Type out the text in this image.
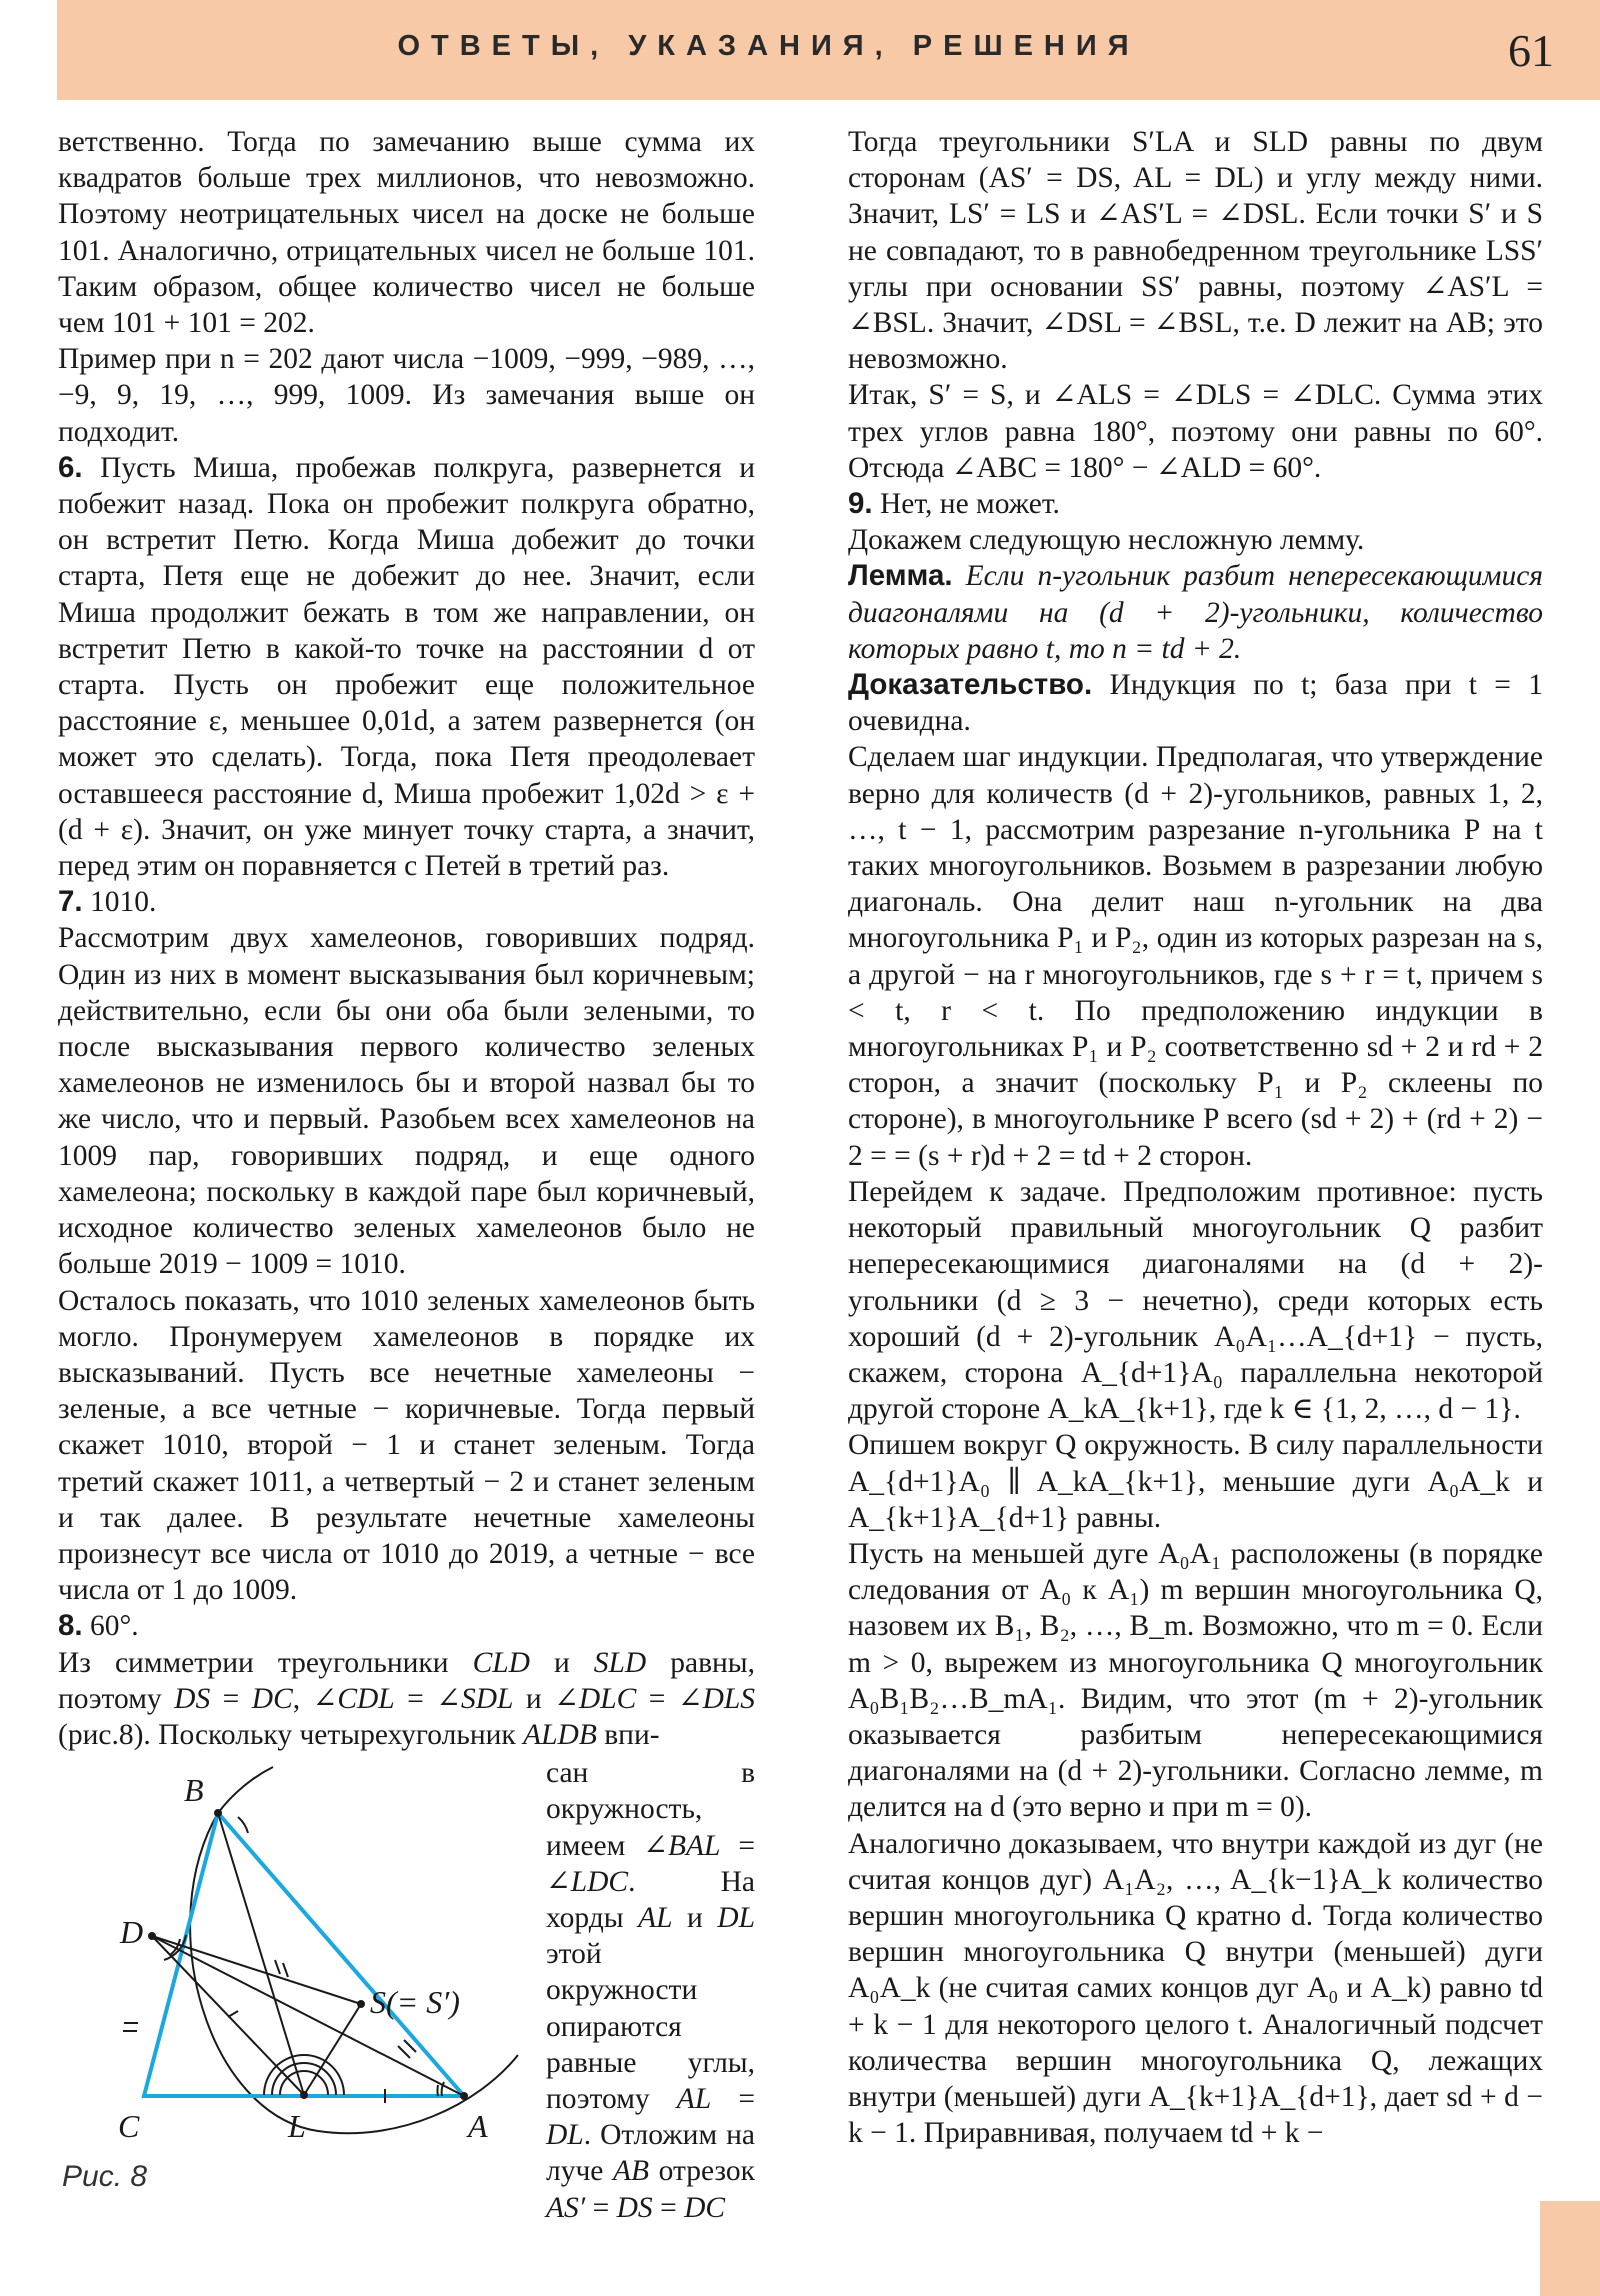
ОТВЕТЫ, УКАЗАНИЯ, РЕШЕНИЯ	61

ветственно. Тогда по замечанию выше сумма их квадратов больше трех миллионов, что невозможно. Поэтому неотрицательных чисел на доске не больше 101. Аналогично, отрицательных чисел не больше 101. Таким образом, общее количество чисел не больше чем 101 + 101 = 202.

Пример при n = 202 дают числа −1009, −999, −989, …, −9, 9, 19, …, 999, 1009. Из замечания выше он подходит.

6. Пусть Миша, пробежав полкруга, развернется и побежит назад. Пока он пробежит полкруга обратно, он встретит Петю. Когда Миша добежит до точки старта, Петя еще не добежит до нее. Значит, если Миша продолжит бежать в том же направлении, он встретит Петю в какой-то точке на расстоянии d от старта. Пусть он пробежит еще положительное расстояние ε, меньшее 0,01d, а затем развернется (он может это сделать). Тогда, пока Петя преодолевает оставшееся расстояние d, Миша пробежит 1,02d > ε + (d + ε). Значит, он уже минует точку старта, а значит, перед этим он поравняется с Петей в третий раз.

7. 1010.

Рассмотрим двух хамелеонов, говоривших подряд. Один из них в момент высказывания был коричневым; действительно, если бы они оба были зелеными, то после высказывания первого количество зеленых хамелеонов не изменилось бы и второй назвал бы то же число, что и первый. Разобьем всех хамелеонов на 1009 пар, говоривших подряд, и еще одного хамелеона; поскольку в каждой паре был коричневый, исходное количество зеленых хамелеонов было не больше 2019 − 1009 = 1010.

Осталось показать, что 1010 зеленых хамелеонов быть могло. Пронумеруем хамелеонов в порядке их высказываний. Пусть все нечетные хамелеоны − зеленые, а все четные − коричневые. Тогда первый скажет 1010, второй − 1 и станет зеленым. Тогда третий скажет 1011, а четвертый − 2 и станет зеленым и так далее. В результате нечетные хамелеоны произнесут все числа от 1010 до 2019, а четные − все числа от 1 до 1009.

8. 60°.

Из симметрии треугольники CLD и SLD равны, поэтому DS = DC, ∠CDL = ∠SDL и ∠DLC = ∠DLS (рис.8). Поскольку четырехугольник ALDB впи-

B
D
S(= S′)
C	L	A
сан в окружность, имеем ∠BAL = ∠LDC. На хорды AL и DL этой окружности опираются равные углы, поэтому AL = DL. Отложим на луче AB отрезок AS′ = DS = DC
Рис. 8

Тогда треугольники S′LA и SLD равны по двум сторонам (AS′ = DS, AL = DL) и углу между ними. Значит, LS′ = LS и ∠AS′L = ∠DSL. Если точки S′ и S не совпадают, то в равнобедренном треугольнике LSS′ углы при основании SS′ равны, поэтому ∠AS′L = ∠BSL. Значит, ∠DSL = ∠BSL, т.е. D лежит на AB; это невозможно.

Итак, S′ = S, и ∠ALS = ∠DLS = ∠DLC. Сумма этих трех углов равна 180°, поэтому они равны по 60°. Отсюда ∠ABC = 180° − ∠ALD = 60°.

9. Нет, не может.

Докажем следующую несложную лемму.

Лемма. Если n-угольник разбит непересекающимися диагоналями на (d + 2)-угольники, количество которых равно t, то n = td + 2.

Доказательство. Индукция по t; база при t = 1 очевидна.

Сделаем шаг индукции. Предполагая, что утверждение верно для количеств (d + 2)-угольников, равных 1, 2, …, t − 1, рассмотрим разрезание n-угольника P на t таких многоугольников. Возьмем в разрезании любую диагональ. Она делит наш n-угольник на два многоугольника P₁ и P₂, один из которых разрезан на s, а другой − на r многоугольников, где s + r = t, причем s < t, r < t. По предположению индукции в многоугольниках P₁ и P₂ соответственно sd + 2 и rd + 2 сторон, а значит (поскольку P₁ и P₂ склеены по стороне), в многоугольнике P всего (sd + 2) + (rd + 2) − 2 = = (s + r)d + 2 = td + 2 сторон.

Перейдем к задаче. Предположим противное: пусть некоторый правильный многоугольник Q разбит непересекающимися диагоналями на (d + 2)-угольники (d ≥ 3 − нечетно), среди которых есть хороший (d + 2)-угольник A₀A₁…A_{d+1} − пусть, скажем, сторона A_{d+1}A₀ параллельна некоторой другой стороне A_kA_{k+1}, где k ∈ {1, 2, …, d − 1}.

Опишем вокруг Q окружность. В силу параллельности A_{d+1}A₀ ∥ A_kA_{k+1}, меньшие дуги A₀A_k и A_{k+1}A_{d+1} равны.

Пусть на меньшей дуге A₀A₁ расположены (в порядке следования от A₀ к A₁) m вершин многоугольника Q, назовем их B₁, B₂, …, B_m. Возможно, что m = 0. Если m > 0, вырежем из многоугольника Q многоугольник A₀B₁B₂…B_mA₁. Видим, что этот (m + 2)-угольник оказывается разбитым непересекающимися диагоналями на (d + 2)-угольники. Согласно лемме, m делится на d (это верно и при m = 0).

Аналогично доказываем, что внутри каждой из дуг (не считая концов дуг) A₁A₂, …, A_{k−1}A_k количество вершин многоугольника Q кратно d. Тогда количество вершин многоугольника Q внутри (меньшей) дуги A₀A_k (не считая самих концов дуг A₀ и A_k) равно td + k − 1 для некоторого целого t. Аналогичный подсчет количества вершин многоугольника Q, лежащих внутри (меньшей) дуги A_{k+1}A_{d+1}, дает sd + d − k − 1. Приравнивая, получаем td + k −
